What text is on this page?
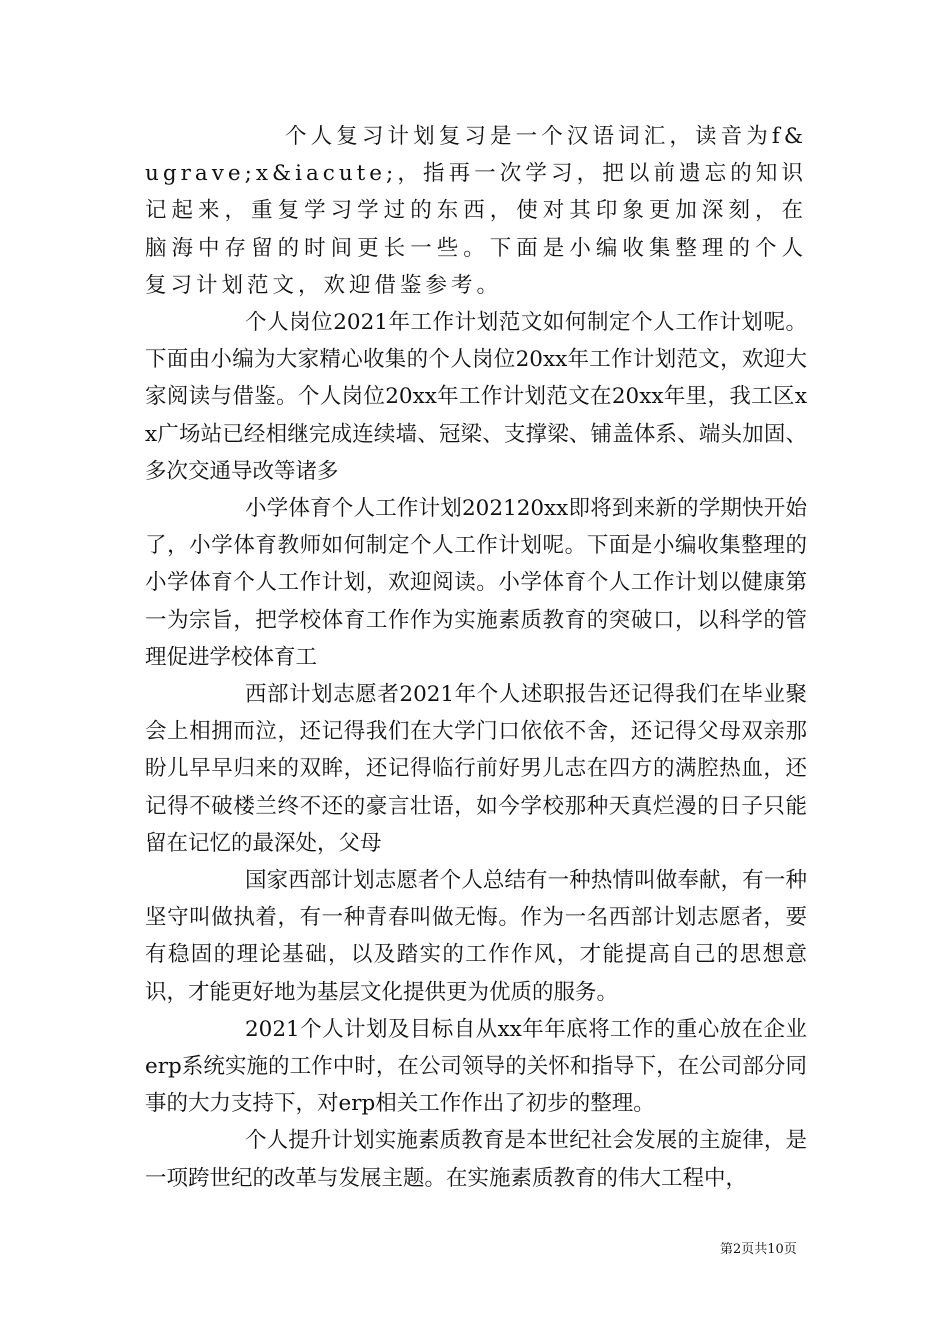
个人复习计划复习是一个汉语词汇，读音为f&ugrave;x&iacute;，指再一次学习，把以前遗忘的知识记起来，重复学习学过的东西，使对其印象更加深刻，在脑海中存留的时间更长一些。下面是小编收集整理的个人复习计划范文，欢迎借鉴参考。

个人岗位2021年工作计划范文如何制定个人工作计划呢。下面由小编为大家精心收集的个人岗位20xx年工作计划范文，欢迎大家阅读与借鉴。个人岗位20xx年工作计划范文在20xx年里，我工区xx广场站已经相继完成连续墙、冠梁、支撑梁、铺盖体系、端头加固、多次交通导改等诸多

小学体育个人工作计划202120xx即将到来新的学期快开始了，小学体育教师如何制定个人工作计划呢。下面是小编收集整理的小学体育个人工作计划，欢迎阅读。小学体育个人工作计划以健康第一为宗旨，把学校体育工作作为实施素质教育的突破口，以科学的管理促进学校体育工

西部计划志愿者2021年个人述职报告还记得我们在毕业聚会上相拥而泣，还记得我们在大学门口依依不舍，还记得父母双亲那盼儿早早归来的双眸，还记得临行前好男儿志在四方的满腔热血，还记得不破楼兰终不还的豪言壮语，如今学校那种天真烂漫的日子只能留在记忆的最深处，父母

国家西部计划志愿者个人总结有一种热情叫做奉献，有一种坚守叫做执着，有一种青春叫做无悔。作为一名西部计划志愿者，要有稳固的理论基础，以及踏实的工作作风，才能提高自己的思想意识，才能更好地为基层文化提供更为优质的服务。

2021个人计划及目标自从xx年年底将工作的重心放在企业erp系统实施的工作中时，在公司领导的关怀和指导下，在公司部分同事的大力支持下，对erp相关工作作出了初步的整理。

个人提升计划实施素质教育是本世纪社会发展的主旋律，是一项跨世纪的改革与发展主题。在实施素质教育的伟大工程中，

第2页共10页
